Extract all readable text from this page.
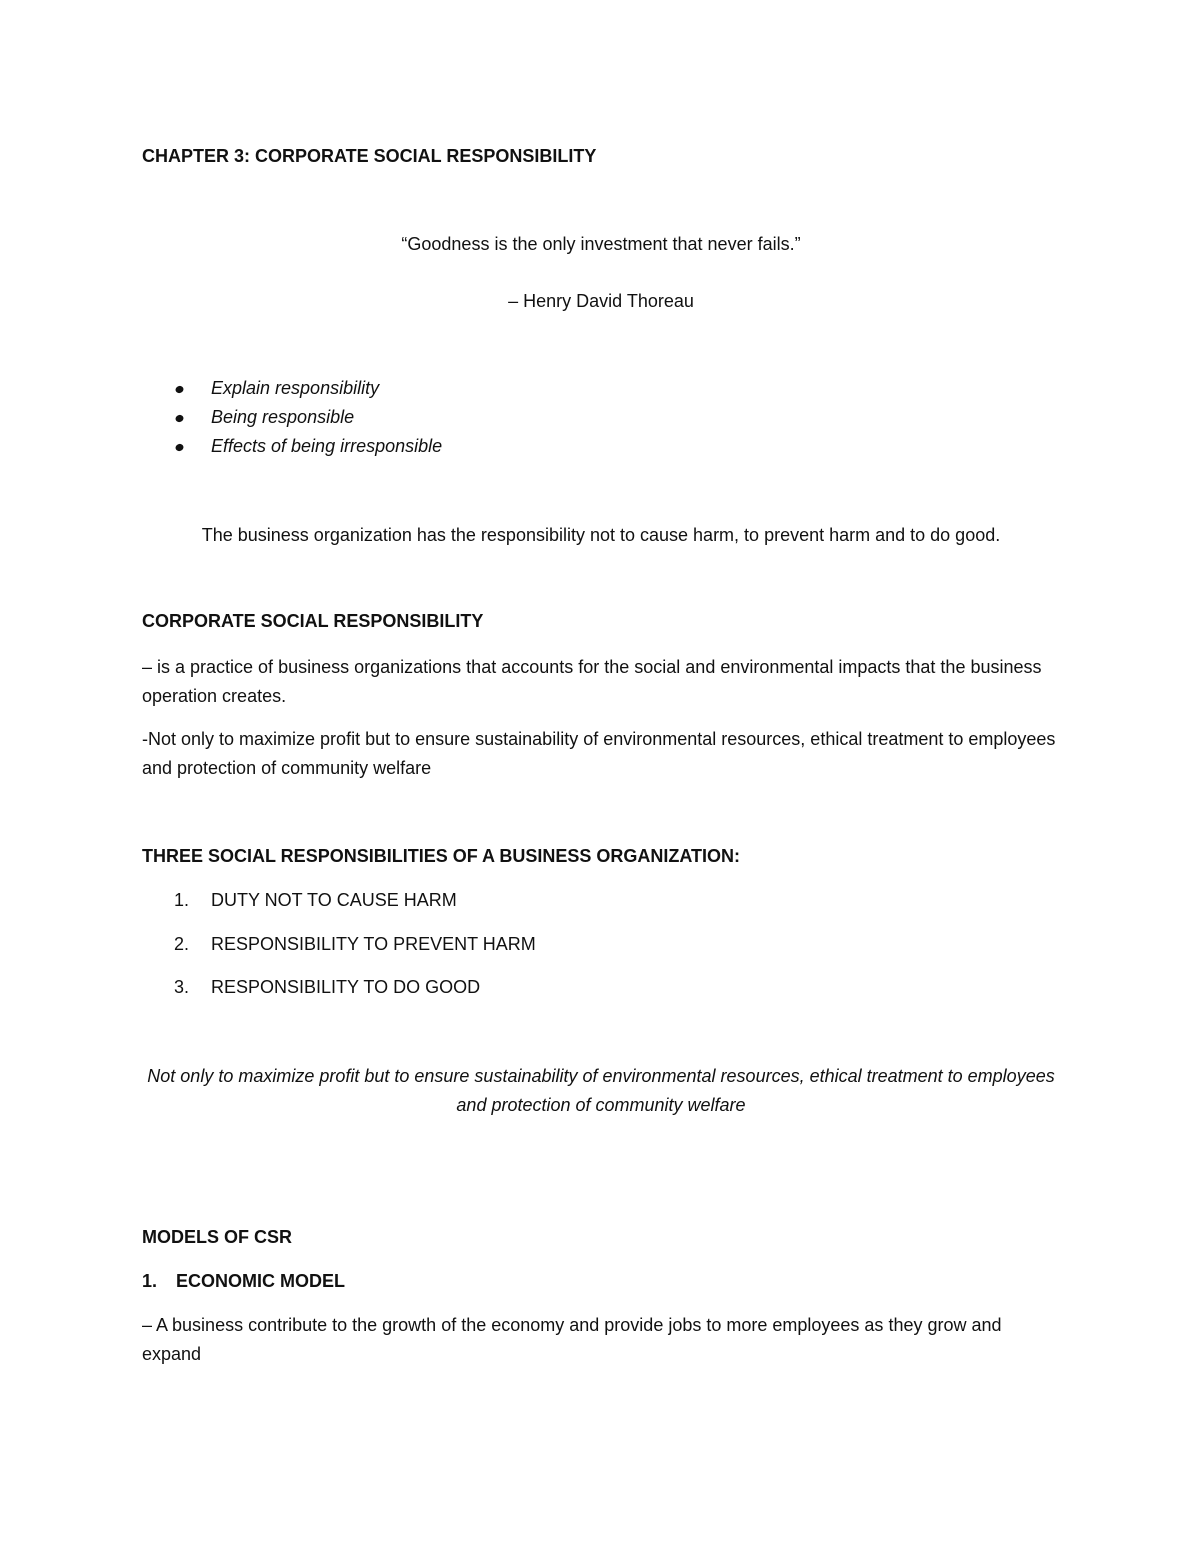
CHAPTER 3: CORPORATE SOCIAL RESPONSIBILITY

“Goodness is the only investment that never fails.”

– Henry David Thoreau

Explain responsibility
Being responsible
Effects of being irresponsible

The business organization has the responsibility not to cause harm, to prevent harm and to do good.

CORPORATE SOCIAL RESPONSIBILITY

– is a practice of business organizations that accounts for the social and environmental impacts that the business operation creates.

-Not only to maximize profit but to ensure sustainability of environmental resources, ethical treatment to employees and protection of community welfare

THREE SOCIAL RESPONSIBILITIES OF A BUSINESS ORGANIZATION:

1.	DUTY NOT TO CAUSE HARM
2.	RESPONSIBILITY TO PREVENT HARM
3.	RESPONSIBILITY TO DO GOOD

Not only to maximize profit but to ensure sustainability of environmental resources, ethical treatment to employees and protection of community welfare

MODELS OF CSR

1. ECONOMIC MODEL

– A business contribute to the growth of the economy and provide jobs to more employees as they grow and expand
